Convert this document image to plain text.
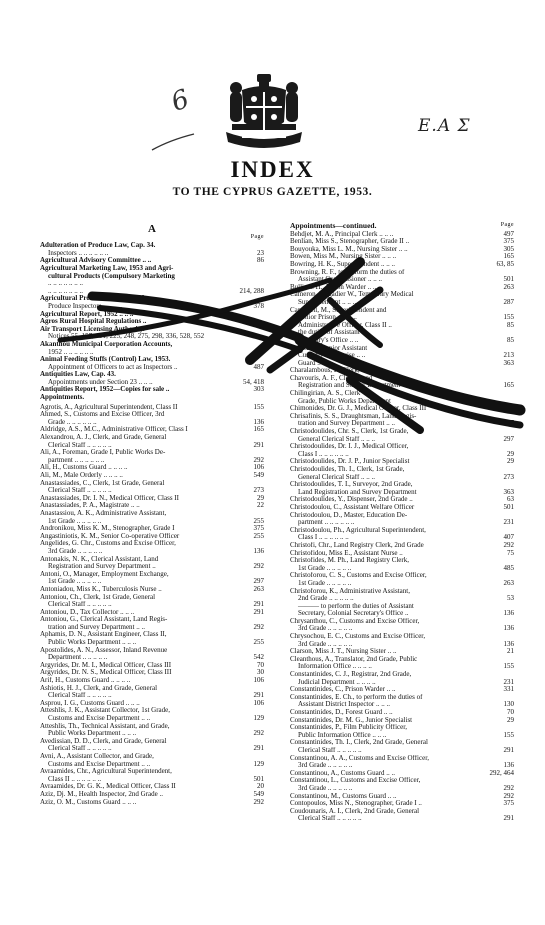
6
E.A Σ
INDEX
TO THE CYPRUS GAZETTE, 1953.
A
Page
Adulteration of Produce Law, Cap. 34.
Inspectors .. .. .. .. .. ..	23
Agricultural Advisory Committee .. ..	86
Agricultural Marketing Law, 1953 and Agri-
cultural Products (Compulsory Marketing
.. .. .. .. .. .. ..
.. .. .. .. .. .. ..	214, 288
Agricultural Produce Law, Cap. 39.
Produce Inspectors .. .. .. ..	378
Agricultural Report, 1952 .. .. ..
Agros Rural Hospital Regulations ..
Air Transport Licensing Authority.
Notices 55, 157, 191, 225, 248, 275, 298, 336, 528, 552
Akanthou Municipal Corporation Accounts,
1952 .. .. .. .. .. ..	491
Animal Feeding Stuffs (Control) Law, 1953.
Appointment of Officers to act as Inspectors ..	487
Antiquities Law, Cap. 43.
Appointments under Section 23 .. .. ..	54, 418
Antiquities Report, 1952—Copies for sale ..	303
Appointments.
Agrotis, A., Agricultural Superintendent, Class II	155
Ahmed, S., Customs and Excise Officer, 3rd
Grade .. .. .. .. .. ..	136
Aldridge, A.S., M.C., Administrative Officer, Class I	165
Alexandrou, A. J., Clerk, and Grade, General
Clerical Staff .. .. .. .. ..	291
Ali, A., Foreman, Grade I, Public Works De-
partment .. .. .. .. .. ..	292
Ali, H., Customs Guard .. .. .. ..	106
Ali, M., Male Orderly .. .. .. ..	549
Anastassiades, C., Clerk, 1st Grade, General
Clerical Staff .. .. .. .. ..	273
Anastassiades, Dr. I. N., Medical Officer, Class II	29
Anastassiades, P. A., Magistrate .. ..	22
Anastassiou, A. K., Administrative Assistant,
1st Grade .. .. .. .. ..	255
Andronikou, Miss K. M., Stenographer, Grade I	375
Angastiniotis, K. M., Senior Co-operative Officer	255
Angelides, G. Chr., Customs and Excise Officer,
3rd Grade .. .. .. .. ..	136
Antonakis, N. K., Clerical Assistant, Land
Registration and Survey Department ..	292
Antoni, O., Manager, Employment Exchange,
1st Grade .. .. .. .. ..	297
Antoniadou, Miss K., Tuberculosis Nurse ..	263
Antoniou, Ch., Clerk, 1st Grade, General
Clerical Staff .. .. .. .. ..	291
Antoniou, D., Tax Collector .. .. ..	291
Antoniou, G., Clerical Assistant, Land Regis-
tration and Survey Department .. ..	292
Aphamis, D. N., Assistant Engineer, Class II,
Public Works Department .. .. ..	255
Apostolides, A. N., Assessor, Inland Revenue
Department .. .. .. .. ..	542
Argyrides, Dr. M. I., Medical Officer, Class III	70
Argyrides, Dr. N. S., Medical Officer, Class III	30
Arif, H., Customs Guard .. .. .. ..	106
Ashiotis, H. J., Clerk, and Grade, General
Clerical Staff .. .. .. .. ..	291
Asprou, I. G., Customs Guard .. .. ..	106
Atteshlis, J. K., Assistant Collector, 1st Grade,
Customs and Excise Department .. ..	129
Atteshlis, Th., Technical Assistant, and Grade,
Public Works Department .. .. ..	292
Avedissian, D. D., Clerk, and Grade, General
Clerical Staff .. .. .. .. ..	291
Avni, A., Assistant Collector, and Grade,
Customs and Excise Department .. ..	129
Avraamides, Chr., Agricultural Superintendent,
Class II .. .. .. .. .. ..	501
Avraamides, Dr. G. K., Medical Officer, Class II	20
Aziz, Dj. M., Health Inspector, 2nd Grade ..	549
Aziz, O. M., Customs Guard .. .. ..	292
Appointments—continued.	Page
Behdjet, M. A., Principal Clerk .. .. ..	497
Benlian, Miss S., Stenographer, Grade II ..	375
Bouyouka, Miss L. M., Nursing Sister .. ..	305
Bowen, Miss M., Nursing Sister .. .. ..	165
Bowring, H. K., Superintendent .. .. ..	63, 85
Browning, R. F., to perform the duties of
Assistant Commissioner .. .. ..	501
Bulli, A. H., Prison Warder .. .. ..	263
Cameron, Brigadier W., Temporary Medical
Superintendent .. .. .. ..	287
Campbell, M., Superintendent and
Senior Prison .. .. .. ..	155
Administrative Officer, Class II ..	85
the duties of Assistant
Secretary's Office .. ..	85
M.B.E., Senior Assistant
Customs and Excise .. ..	213
Guard .. .. ..	363
Charalambous, P., Clerk, Land
Chavouris, A. F., Clerk, Land
Registration and Survey Department	165
Chilingirian, A. S., Clerk
Grade, Public Works Department
Chimonides, Dr. G. J., Medical Officer, Class III
Chrisafinis, S. S., Draughtsman, Land Regis-
tration and Survey Department .. ..	297
Christodoulides, Chr. S., Clerk, 1st Grade,
General Clerical Staff .. .. ..	297
Christodoulides, Dr. I. J., Medical Officer,
Class I .. .. .. .. .. ..	29
Christodoulides, Dr. J. P., Junior Specialist	29
Christodoulides, Th. I., Clerk, 1st Grade,
General Clerical Staff .. .. ..	273
Christodoulides, T. I., Surveyor, 2nd Grade,
Land Registration and Survey Department	363
Christodoulides, Y., Dispenser, 2nd Grade ..	63
Christodoulou, C., Assistant Welfare Officer	501
Christodoulou, D., Master, Education De-
partment .. .. .. .. .. ..	231
Christodoulou, Ph., Agricultural Superintendent,
Class I .. .. .. .. .. ..	407
Christofi, Chr., Land Registry Clerk, 2nd Grade	292
Christofidou, Miss E., Assistant Nurse ..	75
Christofides, M. Ph., Land Registry Clerk,
1st Grade .. .. .. .. ..	485
Christoforou, C. S., Customs and Excise Officer,
1st Grade .. .. .. .. ..	263
Christoforou, K., Administrative Assistant,
2nd Grade .. .. .. .. ..	53
——— to perform the duties of Assistant
Secretary, Colonial Secretary's Office ..	136
Chrysanthou, C., Customs and Excise Officer,
3rd Grade .. .. .. .. ..	136
Chrysochou, E. C., Customs and Excise Officer,
3rd Grade .. .. .. .. ..	136
Clarson, Miss J. T., Nursing Sister .. ..	21
Cleanthous, A., Translator, 2nd Grade, Public
Information Office .. .. .. ..	155
Constantinides, C. J., Registrar, 2nd Grade,
Judicial Department .. .. .. ..	231
Constantinides, C., Prison Warder .. ..	331
Constantinides, E. Ch., to perform the duties of
Assistant District Inspector .. .. ..	130
Constantinides, D., Forest Guard .. ..	70
Constantinides, Dr. M. G., Junior Specialist	29
Constantinides, P., Film Publicity Officer,
Public Information Office .. .. ..	155
Constantinides, Th. I., Clerk, 2nd Grade, General
Clerical Staff .. .. .. .. ..	291
Constantinou, A. A., Customs and Excise Officer,
3rd Grade .. .. .. .. ..	136
Constantinou, A., Customs Guard .. ..	292, 464
Constantinou, L., Customs and Excise Officer,
3rd Grade .. .. .. .. ..	292
Constantinou, M., Customs Guard .. ..	292
Contopoulos, Miss N., Stenographer, Grade I ..	375
Coudounaris, A. I., Clerk, 2nd Grade, General
Clerical Staff .. .. .. .. ..	291
